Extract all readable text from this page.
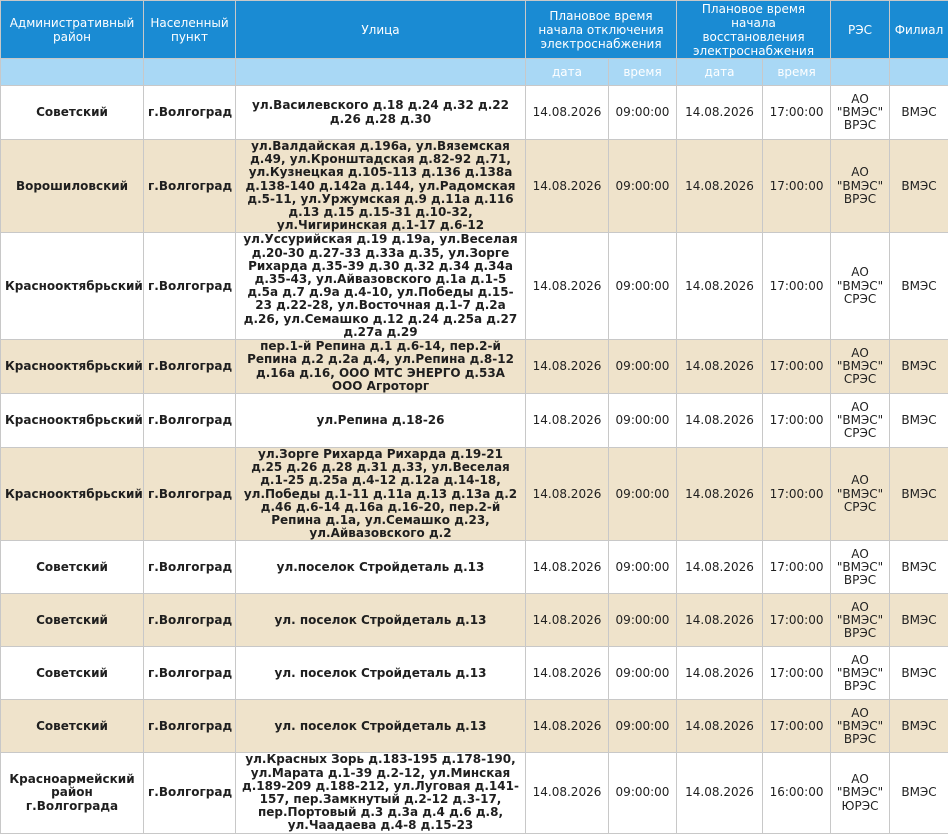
Административный район	Населенный пункт	Улица	Плановое время начала отключения электроснабжения		Плановое время начала восстановления электроснабжения		РЭС	Филиал
			дата	время	дата	время		
Советский	г.Волгоград	ул.Василевского д.18 д.24 д.32 д.22 д.26 д.28 д.30	14.08.2026	09:00:00	14.08.2026	17:00:00	АО "ВМЭС" ВРЭС	ВМЭС
Ворошиловский	г.Волгоград	ул.Валдайская д.196а, ул.Вяземская д.49, ул.Кронштадская д.82-92 д.71, ул.Кузнецкая д.105-113 д.136 д.138а д.138-140 д.142а д.144, ул.Радомская д.5-11, ул.Уржумская д.9 д.11а д.116 д.13 д.15 д.15-31 д.10-32, ул.Чигиринская д.1-17 д.6-12	14.08.2026	09:00:00	14.08.2026	17:00:00	АО "ВМЭС" ВРЭС	ВМЭС
Краснооктябрьский	г.Волгоград	ул.Уссурийская д.19 д.19а, ул.Веселая д.20-30 д.27-33 д.33а д.35, ул.Зорге Рихарда д.35-39 д.30 д.32 д.34 д.34а д.35-43, ул.Айвазовского д.1а д.1-5 д.5а д.7 д.9а д.4-10, ул.Победы д.15-23 д.22-28, ул.Восточная д.1-7 д.2а д.26, ул.Семашко д.12 д.24 д.25а д.27 д.27а д.29	14.08.2026	09:00:00	14.08.2026	17:00:00	АО "ВМЭС" СРЭС	ВМЭС
Краснооктябрьский	г.Волгоград	пер.1-й Репина д.1 д.6-14, пер.2-й Репина д.2 д.2а д.4, ул.Репина д.8-12 д.16а д.16, ООО МТС ЭНЕРГО д.53А ООО Агроторг	14.08.2026	09:00:00	14.08.2026	17:00:00	АО "ВМЭС" СРЭС	ВМЭС
Краснооктябрьский	г.Волгоград	ул.Репина д.18-26	14.08.2026	09:00:00	14.08.2026	17:00:00	АО "ВМЭС" СРЭС	ВМЭС
Краснооктябрьский	г.Волгоград	ул.Зорге Рихарда Рихарда д.19-21 д.25 д.26 д.28 д.31 д.33, ул.Веселая д.1-25 д.25а д.4-12 д.12а д.14-18, ул.Победы д.1-11 д.11а д.13 д.13а д.2 д.46 д.6-14 д.16а д.16-20, пер.2-й Репина д.1а, ул.Семашко д.23, ул.Айвазовского д.2	14.08.2026	09:00:00	14.08.2026	17:00:00	АО "ВМЭС" СРЭС	ВМЭС
Советский	г.Волгоград	ул.поселок Стройдеталь д.13	14.08.2026	09:00:00	14.08.2026	17:00:00	АО "ВМЭС" ВРЭС	ВМЭС
Советский	г.Волгоград	ул. поселок Стройдеталь д.13	14.08.2026	09:00:00	14.08.2026	17:00:00	АО "ВМЭС" ВРЭС	ВМЭС
Советский	г.Волгоград	ул. поселок Стройдеталь д.13	14.08.2026	09:00:00	14.08.2026	17:00:00	АО "ВМЭС" ВРЭС	ВМЭС
Советский	г.Волгоград	ул. поселок Стройдеталь д.13	14.08.2026	09:00:00	14.08.2026	17:00:00	АО "ВМЭС" ВРЭС	ВМЭС
Красноармейский район г.Волгограда	г.Волгоград	ул.Красных Зорь д.183-195 д.178-190, ул.Марата д.1-39 д.2-12, ул.Минская д.189-209 д.188-212, ул.Луговая д.141-157, пер.Замкнутый д.2-12 д.3-17, пер.Портовый д.3 д.3а д.4 д.6 д.8, ул.Чаадаева д.4-8 д.15-23	14.08.2026	09:00:00	14.08.2026	16:00:00	АО "ВМЭС" ЮРЭС	ВМЭС
